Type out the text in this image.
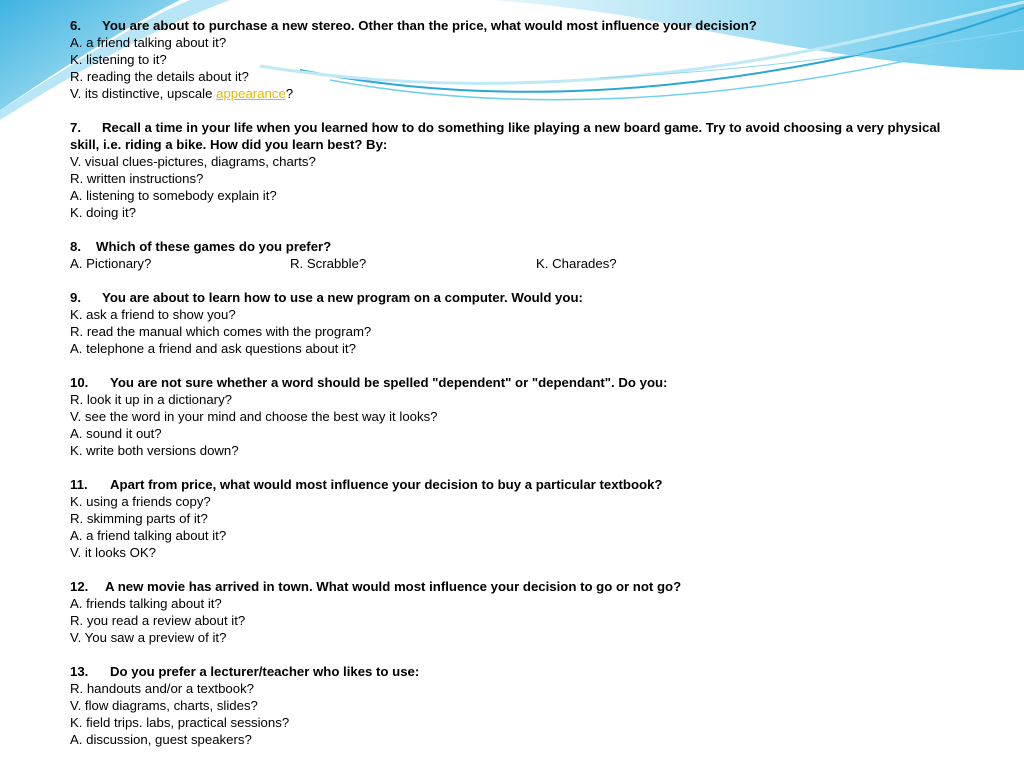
6. You are about to purchase a new stereo. Other than the price, what would most influence your decision?

A. a friend talking about it?

K. listening to it?

R. reading the details about it?

V. its distinctive, upscale appearance?

7. Recall a time in your life when you learned how to do something like playing a new board game. Try to avoid choosing a very physical skill, i.e. riding a bike. How did you learn best? By:

V. visual clues-pictures, diagrams, charts?

R. written instructions?

A. listening to somebody explain it?

K. doing it?

8. Which of these games do you prefer?

A. Pictionary?	R. Scrabble?	K. Charades?

9. You are about to learn how to use a new program on a computer. Would you:

K. ask a friend to show you?

R. read the manual which comes with the program?

A. telephone a friend and ask questions about it?

10. You are not sure whether a word should be spelled "dependent" or "dependant". Do you:

R. look it up in a dictionary?

V. see the word in your mind and choose the best way it looks?

A. sound it out?

K. write both versions down?

11. Apart from price, what would most influence your decision to buy a particular textbook?

K. using a friends copy?

R. skimming parts of it?

A. a friend talking about it?

V. it looks OK?

12. A new movie has arrived in town. What would most influence your decision to go or not go?

A. friends talking about it?

R. you read a review about it?

V. You saw a preview of it?

13. Do you prefer a lecturer/teacher who likes to use:

R. handouts and/or a textbook?

V. flow diagrams, charts, slides?

K. field trips. labs, practical sessions?

A. discussion, guest speakers?
